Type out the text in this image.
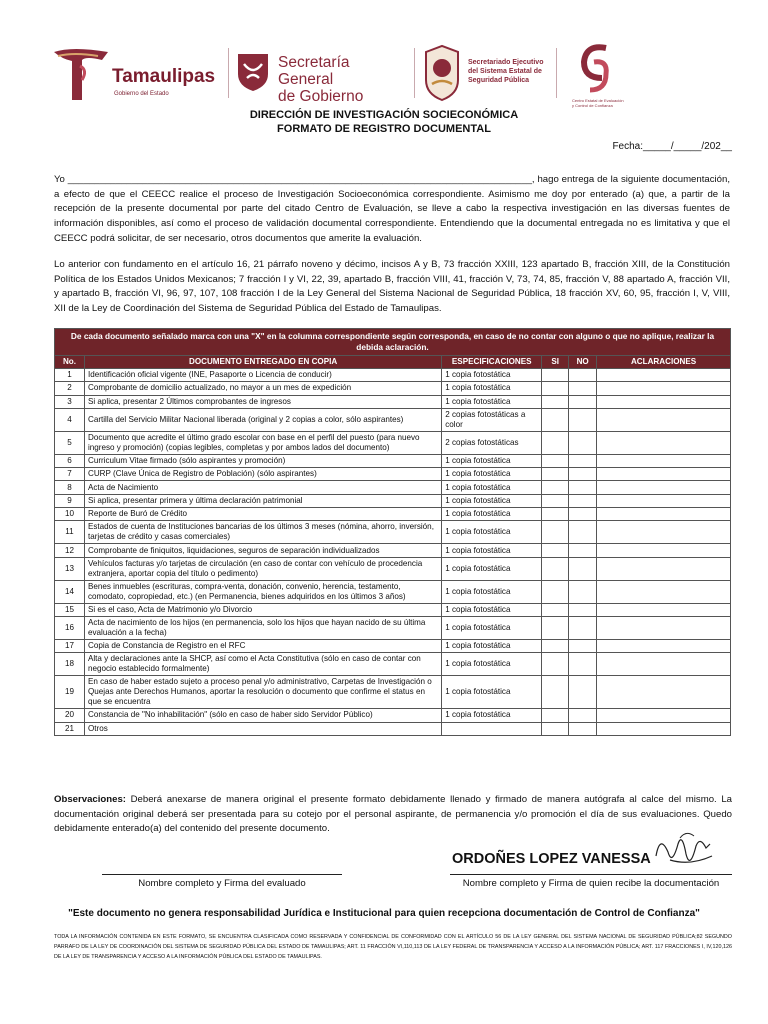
Tamaulipas
Gobierno del Estado
Secretaría General
de Gobierno
Secretariado Ejecutivo
del Sistema Estatal de
Seguridad Pública
Centro Estatal de Evaluación
y Control de Confianza
DIRECCIÓN DE INVESTIGACIÓN SOCIECONÓMICA
FORMATO DE REGISTRO DOCUMENTAL
Fecha:_____/_____/202__
Yo _______________________________________________________________________________________, hago entrega de la siguiente documentación, a efecto de que el CEECC realice el proceso de Investigación Socioeconómica correspondiente. Asimismo me doy por enterado (a) que, a partir de la recepción de la presente documental por parte del citado Centro de Evaluación, se lleve a cabo la respectiva investigación en las diversas fuentes de información disponibles, así como el proceso de validación documental correspondiente. Entendiendo que la documental entregada no es limitativa y que el CEECC podrá solicitar, de ser necesario, otros documentos que amerite la evaluación.
Lo anterior con fundamento en el artículo 16, 21 párrafo noveno y décimo, incisos A y B, 73 fracción XXIII, 123 apartado B, fracción XIII, de la Constitución Política de los Estados Unidos Mexicanos; 7 fracción I y VI, 22, 39, apartado B, fracción VIII, 41, fracción V, 73, 74, 85, fracción V, 88 apartado A, fracción VII, y apartado B, fracción VI, 96, 97, 107, 108 fracción I de la Ley General del Sistema Nacional de Seguridad Pública, 18 fracción XV, 60, 95, fracción I, V, VIII, XII de la Ley de Coordinación del Sistema de Seguridad Pública del Estado de Tamaulipas.
De cada documento señalado marca con una "X" en la columna correspondiente según corresponda, en caso de no contar con alguno o que no aplique, realizar la debida aclaración.					
No.	DOCUMENTO ENTREGADO EN COPIA	ESPECIFICACIONES	SI	NO	ACLARACIONES
1	Identificación oficial vigente (INE, Pasaporte o Licencia de conducir)	1 copia fotostática			
2	Comprobante de domicilio actualizado, no mayor a un mes de expedición	1 copia fotostática			
3	Si aplica, presentar 2 Últimos comprobantes de ingresos	1 copia fotostática			
4	Cartilla del Servicio Militar Nacional liberada (original y 2 copias a color, sólo aspirantes)	2 copias fotostáticas a color			
5	Documento que acredite el último grado escolar con base en el perfil del puesto (para nuevo ingreso y promoción) (copias legibles, completas y por ambos lados del documento)	2 copias fotostáticas			
6	Curriculum Vitae firmado (sólo aspirantes y promoción)	1 copia fotostática			
7	CURP (Clave Única de Registro de Población) (sólo aspirantes)	1 copia fotostática			
8	Acta de Nacimiento	1 copia fotostática			
9	Si aplica, presentar primera y última declaración patrimonial	1 copia fotostática			
10	Reporte de Buró de Crédito	1 copia fotostática			
11	Estados de cuenta de Instituciones bancarias de los últimos 3 meses (nómina, ahorro, inversión, tarjetas de crédito y casas comerciales)	1 copia fotostática			
12	Comprobante de finiquitos, liquidaciones, seguros de separación individualizados	1 copia fotostática			
13	Vehículos facturas y/o tarjetas de circulación (en caso de contar con vehículo de procedencia extranjera, aportar copia del título o pedimento)	1 copia fotostática			
14	Benes inmuebles (escrituras, compra-venta, donación, convenio, herencia, testamento, comodato, copropiedad, etc.) (en Permanencia, bienes adquiridos en los últimos 3 años)	1 copia fotostática			
15	Si es el caso, Acta de Matrimonio y/o Divorcio	1 copia fotostática			
16	Acta de nacimiento de los hijos (en permanencia, solo los hijos que hayan nacido de su última evaluación a la fecha)	1 copia fotostática			
17	Copia de Constancia de Registro en el RFC	1 copia fotostática			
18	Alta y declaraciones ante la SHCP, así como el Acta Constitutiva (sólo en caso de contar con negocio establecido formalmente)	1 copia fotostática			
19	En caso de haber estado sujeto a proceso penal y/o administrativo, Carpetas de Investigación o Quejas ante Derechos Humanos, aportar la resolución o documento que confirme el status en que se encuentra	1 copia fotostática			
20	Constancia de "No inhabilitación" (sólo en caso de haber sido Servidor Público)	1 copia fotostática			
21	Otros				
Observaciones: Deberá anexarse de manera original el presente formato debidamente llenado y firmado de manera autógrafa al calce del mismo. La documentación original deberá ser presentada para su cotejo por el personal aspirante, de permanencia y/o promoción el día de sus evaluaciones. Quedo debidamente enterado(a) del contenido del presente documento.
ORDOÑES LOPEZ VANESSA
Nombre completo y Firma del evaluado	Nombre completo y Firma de quien recibe la documentación
"Este documento no genera responsabilidad Jurídica e Institucional para quien recepciona documentación de Control de Confianza"
TODA LA INFORMACIÓN CONTENIDA EN ESTE FORMATO, SE ENCUENTRA CLASIFICADA COMO RESERVADA Y CONFIDENCIAL DE CONFORMIDAD CON EL ARTÍCULO 56 DE LA LEY GENERAL DEL SISTEMA NACIONAL DE SEGURIDAD PÚBLICA;82 SEGUNDO PARRAFO DE LA LEY DE COORDINACIÓN DEL SISTEMA DE SEGURIDAD PÚBLICA DEL ESTADO DE TAMAULIPAS; ART. 11 FRACCIÓN VI,110,113 DE LA LEY FEDERAL DE TRANSPARENCIA Y ACCESO A LA INFORMACIÓN PÚBLICA; ART. 117 FRACCIONES I, IV,120,126 DE LA LEY DE TRANSPARENCIA Y ACCESO A LA INFORMACIÓN PÚBLICA DEL ESTADO DE TAMAULIPAS.
